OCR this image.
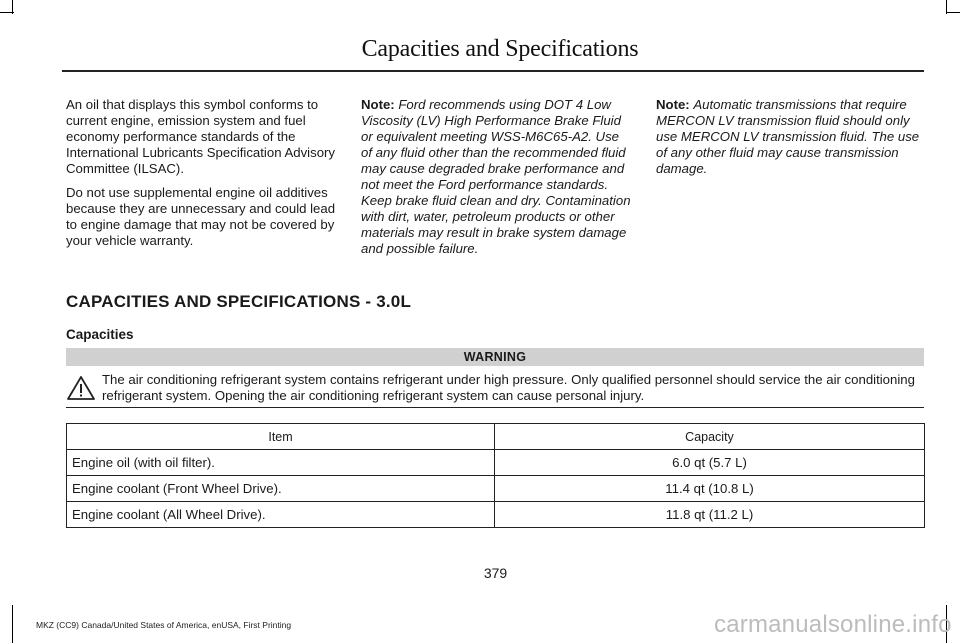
Capacities and Specifications

An oil that displays this symbol conforms to current engine, emission system and fuel economy performance standards of the International Lubricants Specification Advisory Committee (ILSAC).

Do not use supplemental engine oil additives because they are unnecessary and could lead to engine damage that may not be covered by your vehicle warranty.

Note: Ford recommends using DOT 4 Low Viscosity (LV) High Performance Brake Fluid or equivalent meeting WSS-M6C65-A2. Use of any fluid other than the recommended fluid may cause degraded brake performance and not meet the Ford performance standards. Keep brake fluid clean and dry. Contamination with dirt, water, petroleum products or other materials may result in brake system damage and possible failure.

Note: Automatic transmissions that require MERCON LV transmission fluid should only use MERCON LV transmission fluid. The use of any other fluid may cause transmission damage.

CAPACITIES AND SPECIFICATIONS - 3.0L
Capacities
WARNING
The air conditioning refrigerant system contains refrigerant under high pressure. Only qualified personnel should service the air conditioning refrigerant system. Opening the air conditioning refrigerant system can cause personal injury.
Item	Capacity
Engine oil (with oil filter).	6.0 qt (5.7 L)
Engine coolant (Front Wheel Drive).	11.4 qt (10.8 L)
Engine coolant (All Wheel Drive).	11.8 qt (11.2 L)
379
MKZ (CC9) Canada/United States of America, enUSA, First Printing	carmanualsonline.info
